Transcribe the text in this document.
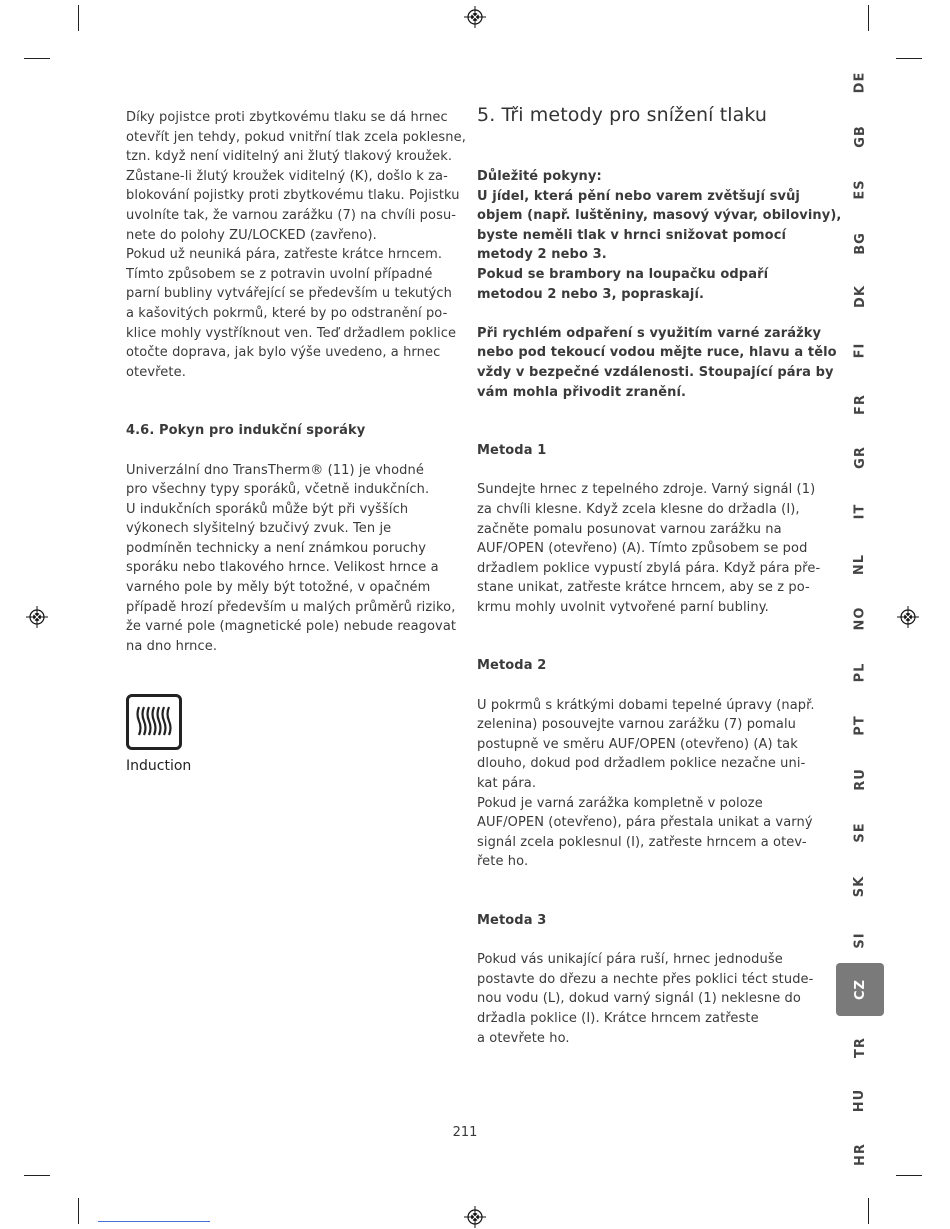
Díky pojistce proti zbytkovému tlaku se dá hrnec

otevřít jen tehdy, pokud vnitřní tlak zcela poklesne,

tzn. když není viditelný ani žlutý tlakový kroužek.

Zůstane-li žlutý kroužek viditelný (K), došlo k za-

blokování pojistky proti zbytkovému tlaku. Pojistku

uvolníte tak, že varnou zarážku (7) na chvíli posu-

nete do polohy ZU/LOCKED (zavřeno).

Pokud už neuniká pára, zatřeste krátce hrncem.

Tímto způsobem se z potravin uvolní případné

parní bubliny vytvářející se především u tekutých

a kašovitých pokrmů, které by po odstranění po-

klice mohly vystříknout ven. Teď držadlem poklice

otočte doprava, jak bylo výše uvedeno, a hrnec

otevřete.

4.6. Pokyn pro indukční sporáky

Univerzální dno TransTherm® (11) je vhodné

pro všechny typy sporáků, včetně indukčních.

U indukčních sporáků může být při vyšších

výkonech slyšitelný bzučivý zvuk. Ten je

podmíněn technicky a není známkou poruchy

sporáku nebo tlakového hrnce. Velikost hrnce a

varného pole by měly být totožné, v opačném

případě hrozí především u malých průměrů riziko,

že varné pole (magnetické pole) nebude reagovat

na dno hrnce.

Induction

5. Tři metody pro snížení tlaku

Důležité pokyny:

U jídel, která pění nebo varem zvětšují svůj

objem (např. luštěniny, masový vývar, obiloviny),

byste neměli tlak v hrnci snižovat pomocí

metody 2 nebo 3.

Pokud se brambory na loupačku odpaří

metodou 2 nebo 3, popraskají.

Při rychlém odpaření s využitím varné zarážky

nebo pod tekoucí vodou mějte ruce, hlavu a tělo

vždy v bezpečné vzdálenosti. Stoupající pára by

vám mohla přivodit zranění.

Metoda 1

Sundejte hrnec z tepelného zdroje. Varný signál (1)

za chvíli klesne. Když zcela klesne do držadla (I),

začněte pomalu posunovat varnou zarážku na

AUF/OPEN (otevřeno) (A). Tímto způsobem se pod

držadlem poklice vypustí zbylá pára. Když pára pře-

stane unikat, zatřeste krátce hrncem, aby se z po-

krmu mohly uvolnit vytvořené parní bubliny.

Metoda 2

U pokrmů s krátkými dobami tepelné úpravy (např.

zelenina) posouvejte varnou zarážku (7) pomalu

postupně ve směru AUF/OPEN (otevřeno) (A) tak

dlouho, dokud pod držadlem poklice nezačne uni-

kat pára.

Pokud je varná zarážka kompletně v poloze

AUF/OPEN (otevřeno), pára přestala unikat a varný

signál zcela poklesnul (I), zatřeste hrncem a otev-

řete ho.

Metoda 3

Pokud vás unikající pára ruší, hrnec jednoduše

postavte do dřezu a nechte přes poklici téct stude-

nou vodu (L), dokud varný signál (1) neklesne do

držadla poklice (I). Krátce hrncem zatřeste

a otevřete ho.

DE
GB
ES
BG
DK
FI
FR
GR
IT
NL
NO
PL
PT
RU
SE
SK
SI
CZ
TR
HU
HR
211
